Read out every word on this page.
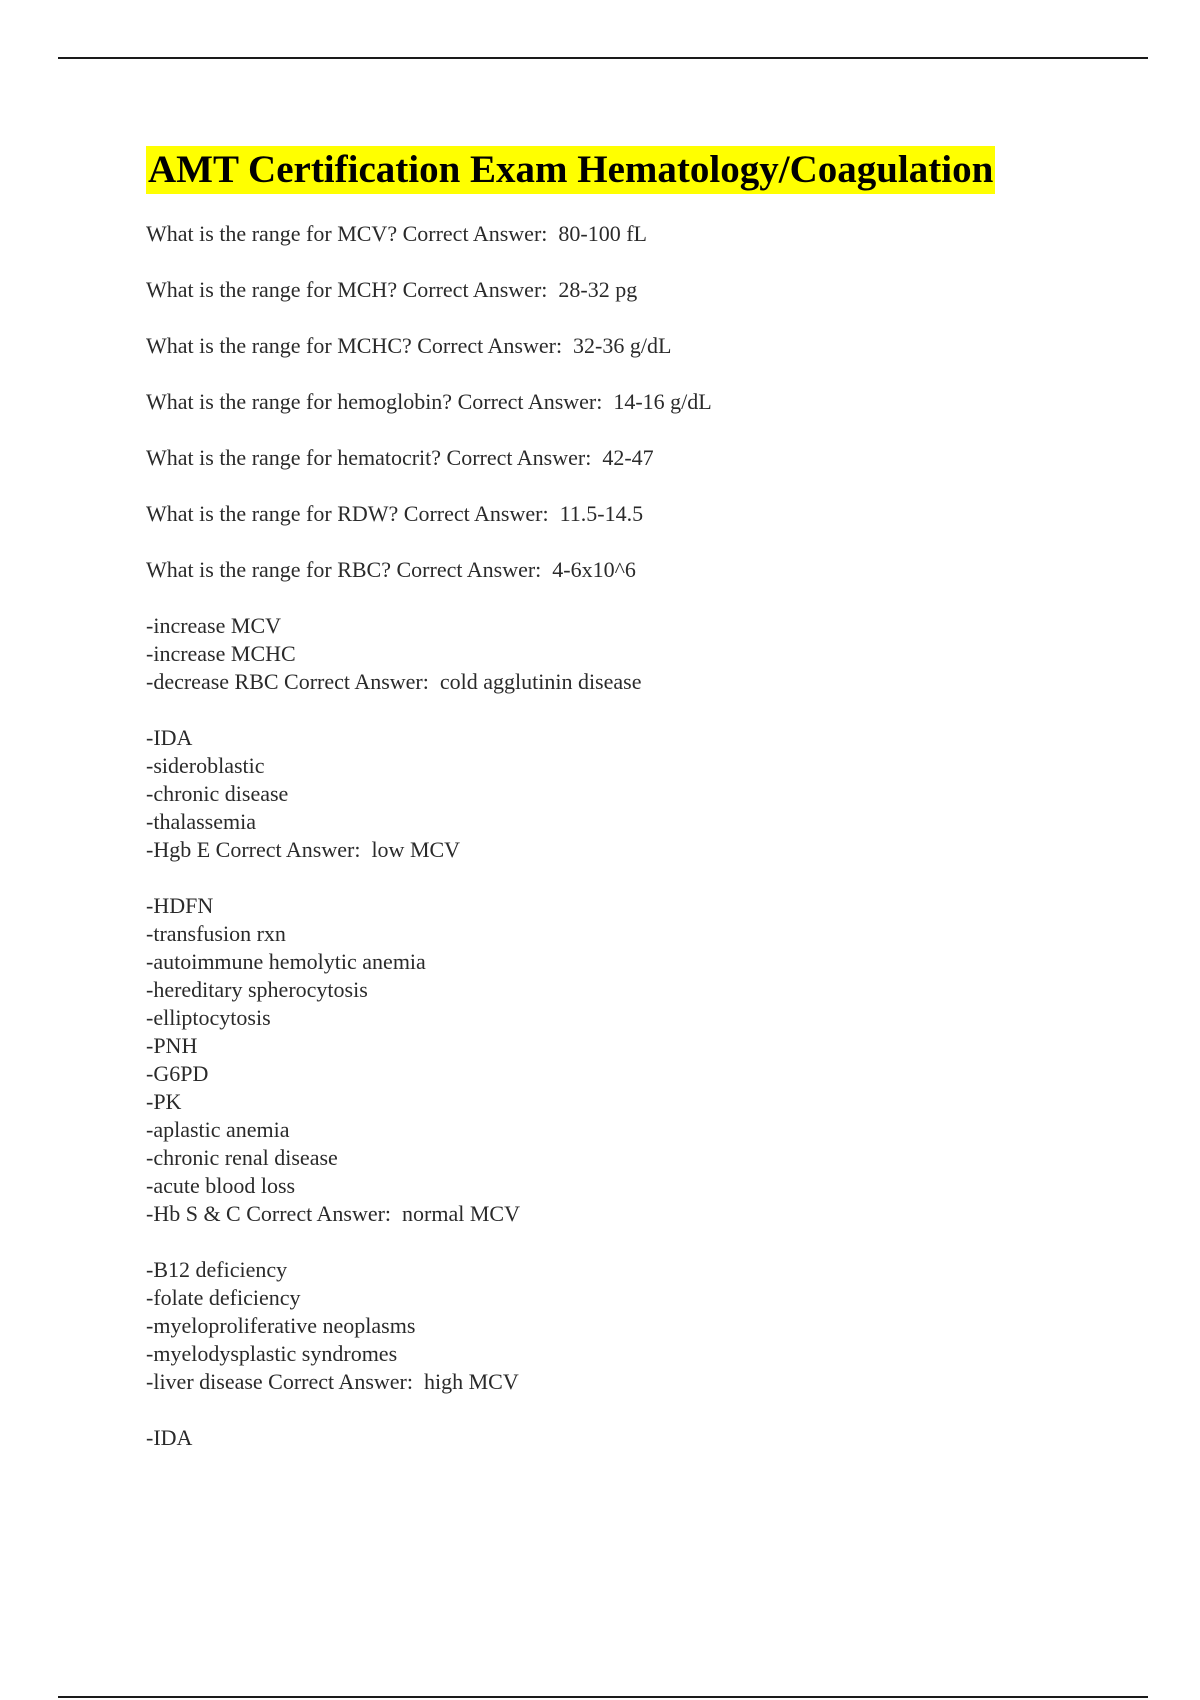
AMT Certification Exam Hematology/Coagulation

What is the range for MCV? Correct Answer:  80-100 fL

What is the range for MCH? Correct Answer:  28-32 pg

What is the range for MCHC? Correct Answer:  32-36 g/dL

What is the range for hemoglobin? Correct Answer:  14-16 g/dL

What is the range for hematocrit? Correct Answer:  42-47

What is the range for RDW? Correct Answer:  11.5-14.5

What is the range for RBC? Correct Answer:  4-6x10^6

-increase MCV
-increase MCHC
-decrease RBC Correct Answer:  cold agglutinin disease

-IDA
-sideroblastic
-chronic disease
-thalassemia
-Hgb E Correct Answer:  low MCV

-HDFN
-transfusion rxn
-autoimmune hemolytic anemia
-hereditary spherocytosis
-elliptocytosis
-PNH
-G6PD
-PK
-aplastic anemia
-chronic renal disease
-acute blood loss
-Hb S & C Correct Answer:  normal MCV

-B12 deficiency
-folate deficiency
-myeloproliferative neoplasms
-myelodysplastic syndromes
-liver disease Correct Answer:  high MCV

-IDA
